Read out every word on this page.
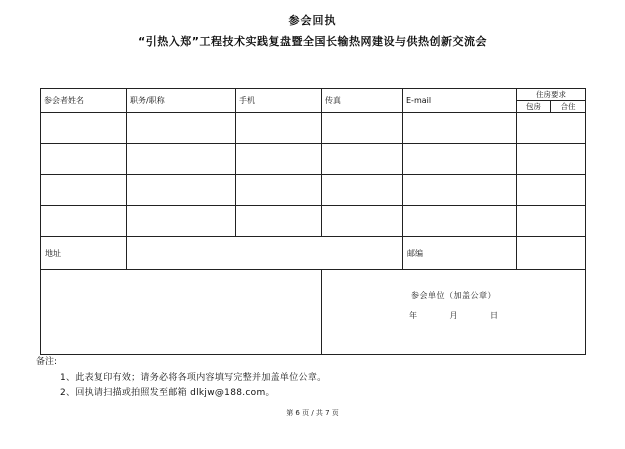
参会回执
“引热入郑”工程技术实践复盘暨全国长输热网建设与供热创新交流会
参会者姓名	职务/职称	手机	传真	E-mail	住房要求	
					包房	合住

地址				邮编		

			参会单位（加盖公章）
年 月 日			
备注:
1、此表复印有效；请务必将各项内容填写完整并加盖单位公章。
2、回执请扫描或拍照发至邮箱 dlkjw@188.com。
第 6 页 / 共 7 页
